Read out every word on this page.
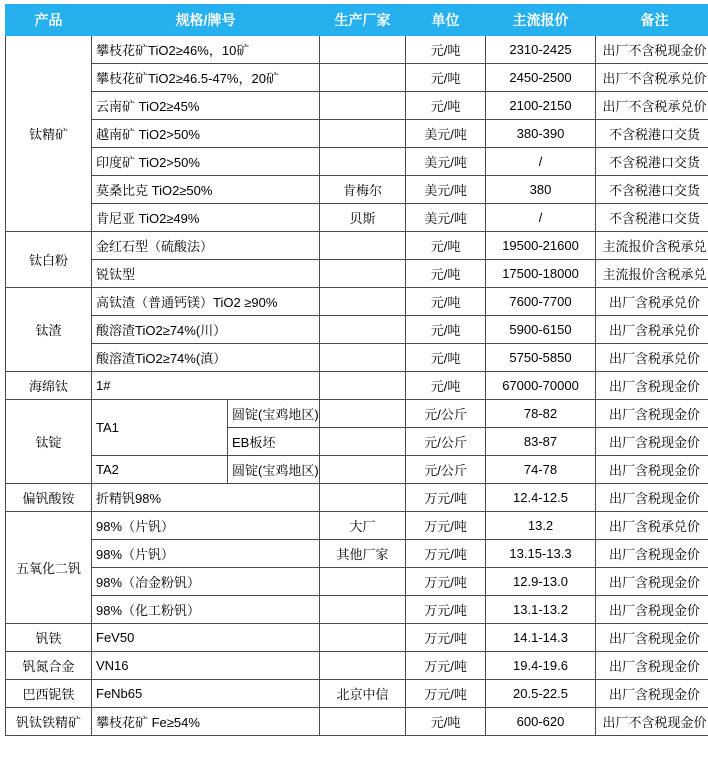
产品	规格/牌号		生产厂家	单位	主流报价	备注
钛精矿	攀枝花矿TiO2≥46%，10矿			元/吨	2310-2425	出厂不含税现金价
	攀枝花矿TiO2≥46.5-47%，20矿			元/吨	2450-2500	出厂不含税承兑价
	云南矿 TiO2≥45%			元/吨	2100-2150	出厂不含税承兑价
	越南矿 TiO2>50%			美元/吨	380-390	不含税港口交货
	印度矿 TiO2>50%			美元/吨	/	不含税港口交货
	莫桑比克 TiO2≥50%		肯梅尔	美元/吨	380	不含税港口交货
	肯尼亚 TiO2≥49%		贝斯	美元/吨	/	不含税港口交货
钛白粉	金红石型（硫酸法）			元/吨	19500-21600	主流报价含税承兑
	锐钛型			元/吨	17500-18000	主流报价含税承兑
钛渣	高钛渣（普通钙镁）TiO2 ≥90%			元/吨	7600-7700	出厂含税承兑价
	酸溶渣TiO2≥74%(川）			元/吨	5900-6150	出厂含税承兑价
	酸溶渣TiO2≥74%(滇）			元/吨	5750-5850	出厂含税承兑价
海绵钛	1#			元/吨	67000-70000	出厂含税现金价
钛锭	TA1	圆锭(宝鸡地区)		元/公斤	78-82	出厂含税现金价
		EB板坯		元/公斤	83-87	出厂含税现金价
	TA2	圆锭(宝鸡地区)		元/公斤	74-78	出厂含税现金价
偏钒酸铵	折精钒98%			万元/吨	12.4-12.5	出厂含税现金价
五氧化二钒	98%（片钒）		大厂	万元/吨	13.2	出厂含税承兑价
	98%（片钒）		其他厂家	万元/吨	13.15-13.3	出厂含税现金价
	98%（冶金粉钒）			万元/吨	12.9-13.0	出厂含税现金价
	98%（化工粉钒）			万元/吨	13.1-13.2	出厂含税现金价
钒铁	FeV50			万元/吨	14.1-14.3	出厂含税现金价
钒氮合金	VN16			万元/吨	19.4-19.6	出厂含税现金价
巴西铌铁	FeNb65		北京中信	万元/吨	20.5-22.5	出厂含税现金价
钒钛铁精矿	攀枝花矿 Fe≥54%			元/吨	600-620	出厂不含税现金价
